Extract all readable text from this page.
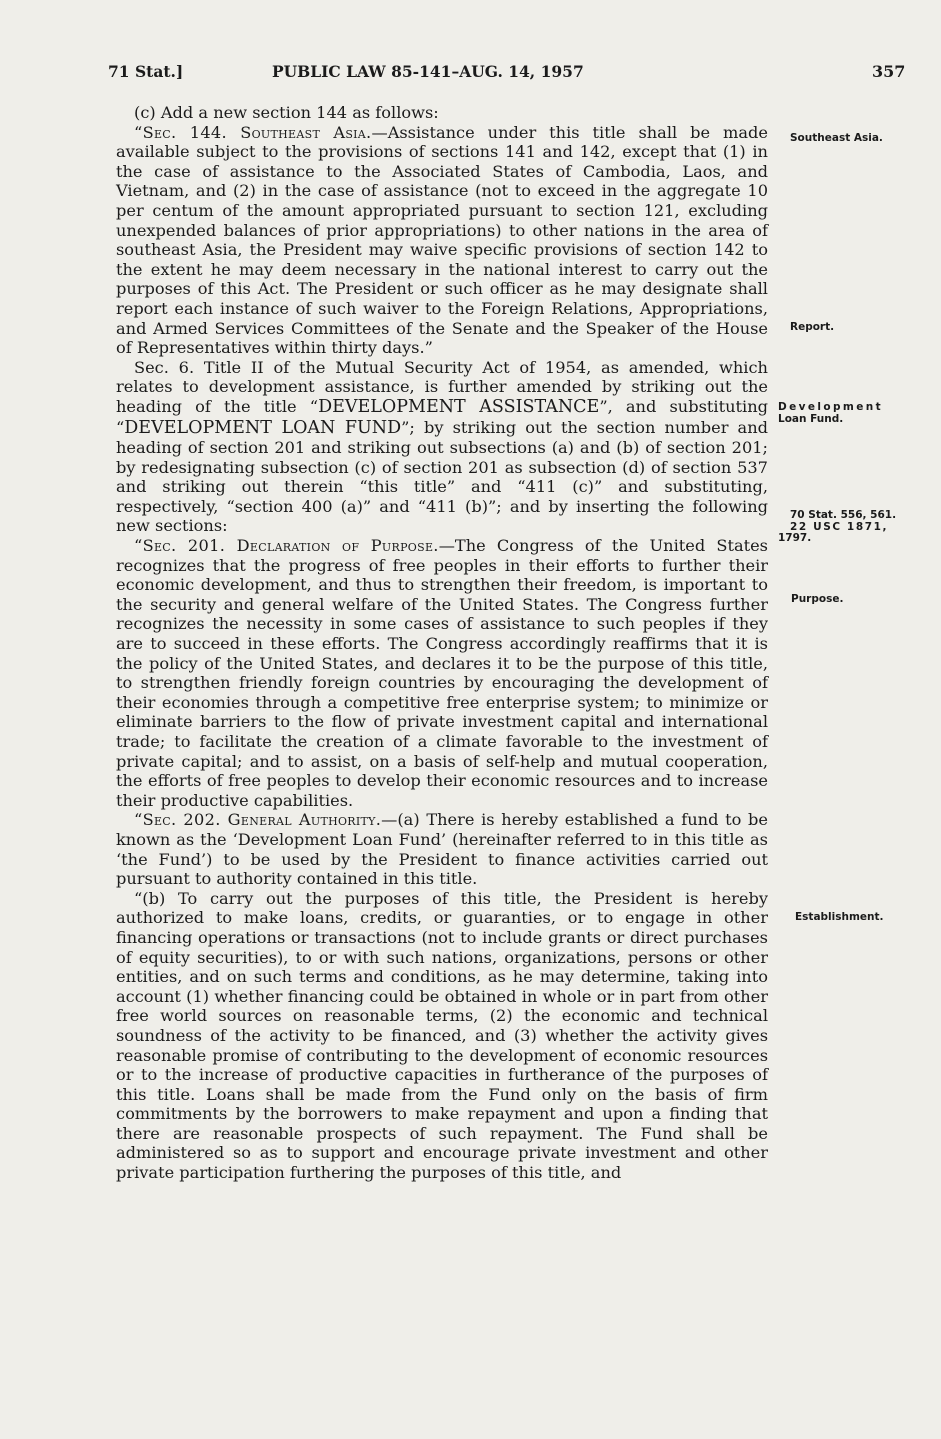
71 Stat.]	PUBLIC LAW 85-141–AUG. 14, 1957	357
Southeast Asia.
Report.
Development
Loan Fund.
70 Stat. 556, 561.
22 USC 1871,
1797.
Purpose.
Establishment.

(c) Add a new section 144 as follows:

“Sec. 144. Southeast Asia.—Assistance under this title shall be made available subject to the provisions of sections 141 and 142, except that (1) in the case of assistance to the Associated States of Cambodia, Laos, and Vietnam, and (2) in the case of assistance (not to exceed in the aggregate 10 per centum of the amount appropriated pursuant to section 121, excluding unexpended balances of prior appropriations) to other nations in the area of southeast Asia, the President may waive specific provisions of section 142 to the extent he may deem necessary in the national interest to carry out the purposes of this Act. The President or such officer as he may designate shall report each instance of such waiver to the Foreign Relations, Appropriations, and Armed Services Committees of the Senate and the Speaker of the House of Representatives within thirty days.”

Sec. 6. Title II of the Mutual Security Act of 1954, as amended, which relates to development assistance, is further amended by striking out the heading of the title “DEVELOPMENT ASSISTANCE”, and substituting “DEVELOPMENT LOAN FUND”; by striking out the section number and heading of section 201 and striking out subsections (a) and (b) of section 201; by redesignating subsection (c) of section 201 as subsection (d) of section 537 and striking out therein “this title” and “411 (c)” and substituting, respectively, “section 400 (a)” and “411 (b)”; and by inserting the following new sections:

“Sec. 201. Declaration of Purpose.—The Congress of the United States recognizes that the progress of free peoples in their efforts to further their economic development, and thus to strengthen their freedom, is important to the security and general welfare of the United States. The Congress further recognizes the necessity in some cases of assistance to such peoples if they are to succeed in these efforts. The Congress accordingly reaffirms that it is the policy of the United States, and declares it to be the purpose of this title, to strengthen friendly foreign countries by encouraging the development of their economies through a competitive free enterprise system; to minimize or eliminate barriers to the flow of private investment capital and international trade; to facilitate the creation of a climate favorable to the investment of private capital; and to assist, on a basis of self-help and mutual cooperation, the efforts of free peoples to develop their economic resources and to increase their productive capabilities.

“Sec. 202. General Authority.—(a) There is hereby established a fund to be known as the ‘Development Loan Fund’ (hereinafter referred to in this title as ‘the Fund’) to be used by the President to finance activities carried out pursuant to authority contained in this title.

“(b) To carry out the purposes of this title, the President is hereby authorized to make loans, credits, or guaranties, or to engage in other financing operations or transactions (not to include grants or direct purchases of equity securities), to or with such nations, organizations, persons or other entities, and on such terms and conditions, as he may determine, taking into account (1) whether financing could be obtained in whole or in part from other free world sources on reasonable terms, (2) the economic and technical soundness of the activity to be financed, and (3) whether the activity gives reasonable promise of contributing to the development of economic resources or to the increase of productive capacities in furtherance of the purposes of this title. Loans shall be made from the Fund only on the basis of firm commitments by the borrowers to make repayment and upon a finding that there are reasonable prospects of such repayment. The Fund shall be administered so as to support and encourage private investment and other private participation furthering the purposes of this title, and
